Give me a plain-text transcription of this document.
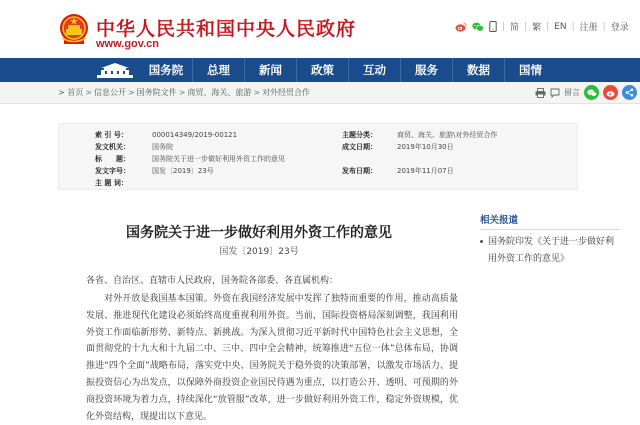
中华人民共和国中央人民政府
www.gov.cn
| 简 | 繁 | EN | 注册 | 登录
国务院	总理	新闻	政策	互动	服务	数据	国情
> 首页 > 信息公开 > 国务院文件 > 商贸、海关、旅游 > 对外经贸合作	留言
索 引 号：	000014349/2019-00121	主题分类：	商贸、海关、旅游\对外经贸合作
发文机关：	国务院	成文日期：	2019年10月30日
标　　题：	国务院关于进一步做好利用外资工作的意见
发文字号：	国发〔2019〕23号	发布日期：	2019年11月07日
主 题 词：
国务院关于进一步做好利用外资工作的意见
国发〔2019〕23号
各省、自治区、直辖市人民政府，国务院各部委、各直属机构：

对外开放是我国基本国策。外资在我国经济发展中发挥了独特而重要的作用，推动高质量发展、推进现代化建设必须始终高度重视利用外资。当前，国际投资格局深刻调整，我国利用外资工作面临新形势、新特点、新挑战。为深入贯彻习近平新时代中国特色社会主义思想，全面贯彻党的十九大和十九届二中、三中、四中全会精神，统筹推进“五位一体”总体布局，协调推进“四个全面”战略布局，落实党中央、国务院关于稳外资的决策部署，以激发市场活力、提振投资信心为出发点，以保障外商投资企业国民待遇为重点，以打造公开、透明、可预期的外商投资环境为着力点，持续深化“放管服”改革，进一步做好利用外资工作，稳定外资规模，优化外资结构，现提出以下意见。

相关报道
国务院印发《关于进一步做好利用外资工作的意见》
